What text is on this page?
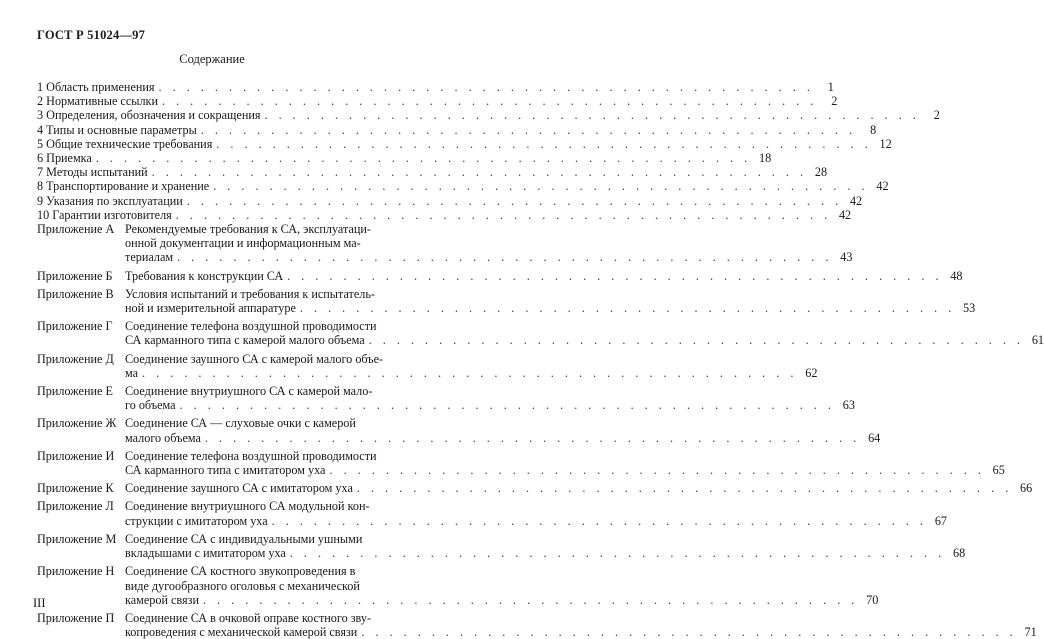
ГОСТ Р 51024—97
Содержание
1 Область применения . . . . . . . . . . . . . . . . . . . . . . . . . . . . . . . . . . . . . . . . . . . . . . .	1
2 Нормативные ссылки . . . . . . . . . . . . . . . . . . . . . . . . . . . . . . . . . . . . . . . . . . . . . . .	2
3 Определения, обозначения и сокращения . . . . . . . . . . . . . . . . . . . . . . . . . . . . . . . . . . . . . . . . . . . . . . .	2
4 Типы и основные параметры . . . . . . . . . . . . . . . . . . . . . . . . . . . . . . . . . . . . . . . . . . . . . . .	8
5 Общие технические требования . . . . . . . . . . . . . . . . . . . . . . . . . . . . . . . . . . . . . . . . . . . . . . . 12
6 Приемка . . . . . . . . . . . . . . . . . . . . . . . . . . . . . . . . . . . . . . . . . . . . . . . 18
7 Методы испытаний . . . . . . . . . . . . . . . . . . . . . . . . . . . . . . . . . . . . . . . . . . . . . . . 28
8 Транспортирование и хранение . . . . . . . . . . . . . . . . . . . . . . . . . . . . . . . . . . . . . . . . . . . . . . . 42
9 Указания по эксплуатации . . . . . . . . . . . . . . . . . . . . . . . . . . . . . . . . . . . . . . . . . . . . . . . 42
10 Гарантии изготовителя . . . . . . . . . . . . . . . . . . . . . . . . . . . . . . . . . . . . . . . . . . . . . . . 42
Приложение А Рекомендуемые требования к СА, эксплуатаци-
онной документации и информационным ма-
териалам . . . . . . . . . . . . . . . . . . . . . . . . . . . . . . . . . . . . . . . . . . . . . . . 43
Приложение Б	Требования к конструкции СА . . . . . . . . . . . . . . . . . . . . . . . . . . . . . . . . . . . . . . . . . . . . . . . 48
Приложение В Условия испытаний и требования к испытатель-
ной и измерительной аппаратуре . . . . . . . . . . . . . . . . . . . . . . . . . . . . . . . . . . . . . . . . . . . . . . . 53
Приложение Г	Соединение телефона воздушной проводимости
СА карманного типа с камерой малого объема . . . . . . . . . . . . . . . . . . . . . . . . . . . . . . . . . . . . . . . . . . . . . . . 61
Приложение Д Соединение заушного СА с камерой малого объе-
ма . . . . . . . . . . . . . . . . . . . . . . . . . . . . . . . . . . . . . . . . . . . . . . . 62
Приложение Е Соединение внутриушного СА с камерой мало-
го объема . . . . . . . . . . . . . . . . . . . . . . . . . . . . . . . . . . . . . . . . . . . . . . . 63
Приложение Ж Соединение СА — слуховые очки с камерой
малого объема . . . . . . . . . . . . . . . . . . . . . . . . . . . . . . . . . . . . . . . . . . . . . . . 64
Приложение И Соединение телефона воздушной проводимости
СА карманного типа с имитатором уха . . . . . . . . . . . . . . . . . . . . . . . . . . . . . . . . . . . . . . . . . . . . . . . 65
Приложение К Соединение заушного СА с имитатором уха . . . . . . . . . . . . . . . . . . . . . . . . . . . . . . . . . . . . . . . . . . . . . . . 66
Приложение Л Соединение внутриушного СА модульной кон-
струкции с имитатором уха . . . . . . . . . . . . . . . . . . . . . . . . . . . . . . . . . . . . . . . . . . . . . . . 67
Приложение М Соединение СА с индивидуальными ушными
вкладышами с имитатором уха . . . . . . . . . . . . . . . . . . . . . . . . . . . . . . . . . . . . . . . . . . . . . . . 68
Приложение Н Соединение СА костного звукопроведения в
виде дугообразного оголовья с механической
камерой связи . . . . . . . . . . . . . . . . . . . . . . . . . . . . . . . . . . . . . . . . . . . . . . . 70
Приложение П Соединение СА в очковой оправе костного зву-
копроведения с механической камерой связи . . . . . . . . . . . . . . . . . . . . . . . . . . . . . . . . . . . . . . . . . . . . . . . 71
III
